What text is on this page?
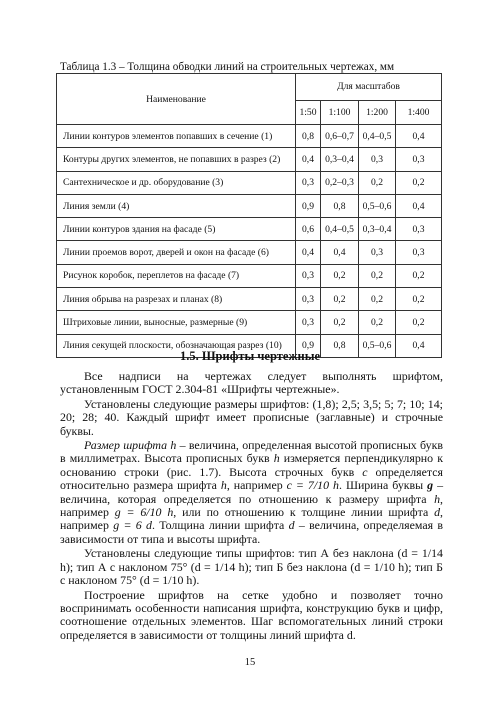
Таблица 1.3 – Толщина обводки линий на строительных чертежах, мм
Наименование	Для масштабов			
	1:50	1:100	1:200	1:400
Линии контуров элементов попавших в сечение (1)	0,8	0,6–0,7	0,4–0,5	0,4
Контуры других элементов, не попавших в разрез (2)	0,4	0,3–0,4	0,3	0,3
Сантехническое и др. оборудование (3)	0,3	0,2–0,3	0,2	0,2
Линия земли (4)	0,9	0,8	0,5–0,6	0,4
Линии контуров здания на фасаде (5)	0,6	0,4–0,5	0,3–0,4	0,3
Линии проемов ворот, дверей и окон на фасаде (6)	0,4	0,4	0,3	0,3
Рисунок коробок, переплетов на фасаде (7)	0,3	0,2	0,2	0,2
Линия обрыва на разрезах и планах (8)	0,3	0,2	0,2	0,2
Штриховые линии, выносные, размерные (9)	0,3	0,2	0,2	0,2
Линия секущей плоскости, обозначающая разрез (10)	0,9	0,8	0,5–0,6	0,4
1.5. Шрифты чертежные

Все надписи на чертежах следует выполнять шрифтом, установленным ГОСТ 2.304-81 «Шрифты чертежные».

Установлены следующие размеры шрифтов: (1,8); 2,5; 3,5; 5; 7; 10; 14; 20; 28; 40. Каждый шрифт имеет прописные (заглавные) и строчные буквы.

Размер шрифта h – величина, определенная высотой прописных букв в миллиметрах. Высота прописных букв h измеряется перпендикулярно к основанию строки (рис. 1.7). Высота строчных букв c определяется относительно размера шрифта h, например c = 7/10 h. Ширина буквы g – величина, которая определяется по отношению к размеру шрифта h, например g = 6/10 h, или по отношению к толщине линии шрифта d, например g = 6 d. Толщина линии шрифта d – величина, определяемая в зависимости от типа и высоты шрифта.

Установлены следующие типы шрифтов: тип А без наклона (d = 1/14 h); тип А с наклоном 75° (d = 1/14 h); тип Б без наклона (d = 1/10 h); тип Б с наклоном 75° (d = 1/10 h).

Построение шрифтов на сетке удобно и позволяет точно воспринимать особенности написания шрифта, конструкцию букв и цифр, соотношение отдельных элементов. Шаг вспомогательных линий строки определяется в зависимости от толщины линий шрифта d.

15
